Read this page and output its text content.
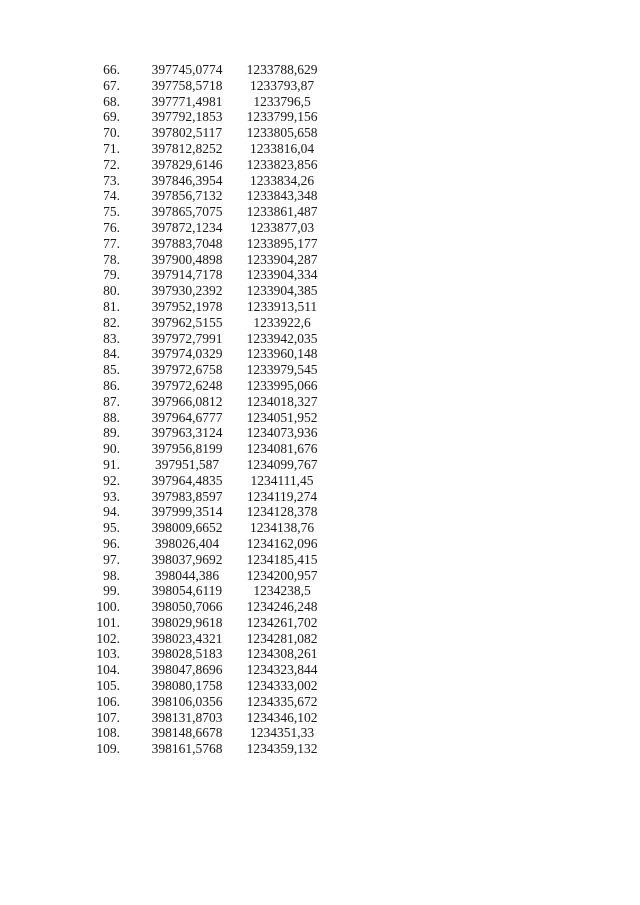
66.	397745,0774	1233788,629
67.	397758,5718	1233793,87
68.	397771,4981	1233796,5
69.	397792,1853	1233799,156
70.	397802,5117	1233805,658
71.	397812,8252	1233816,04
72.	397829,6146	1233823,856
73.	397846,3954	1233834,26
74.	397856,7132	1233843,348
75.	397865,7075	1233861,487
76.	397872,1234	1233877,03
77.	397883,7048	1233895,177
78.	397900,4898	1233904,287
79.	397914,7178	1233904,334
80.	397930,2392	1233904,385
81.	397952,1978	1233913,511
82.	397962,5155	1233922,6
83.	397972,7991	1233942,035
84.	397974,0329	1233960,148
85.	397972,6758	1233979,545
86.	397972,6248	1233995,066
87.	397966,0812	1234018,327
88.	397964,6777	1234051,952
89.	397963,3124	1234073,936
90.	397956,8199	1234081,676
91.	397951,587	1234099,767
92.	397964,4835	1234111,45
93.	397983,8597	1234119,274
94.	397999,3514	1234128,378
95.	398009,6652	1234138,76
96.	398026,404	1234162,096
97.	398037,9692	1234185,415
98.	398044,386	1234200,957
99.	398054,6119	1234238,5
100.	398050,7066	1234246,248
101.	398029,9618	1234261,702
102.	398023,4321	1234281,082
103.	398028,5183	1234308,261
104.	398047,8696	1234323,844
105.	398080,1758	1234333,002
106.	398106,0356	1234335,672
107.	398131,8703	1234346,102
108.	398148,6678	1234351,33
109.	398161,5768	1234359,132
